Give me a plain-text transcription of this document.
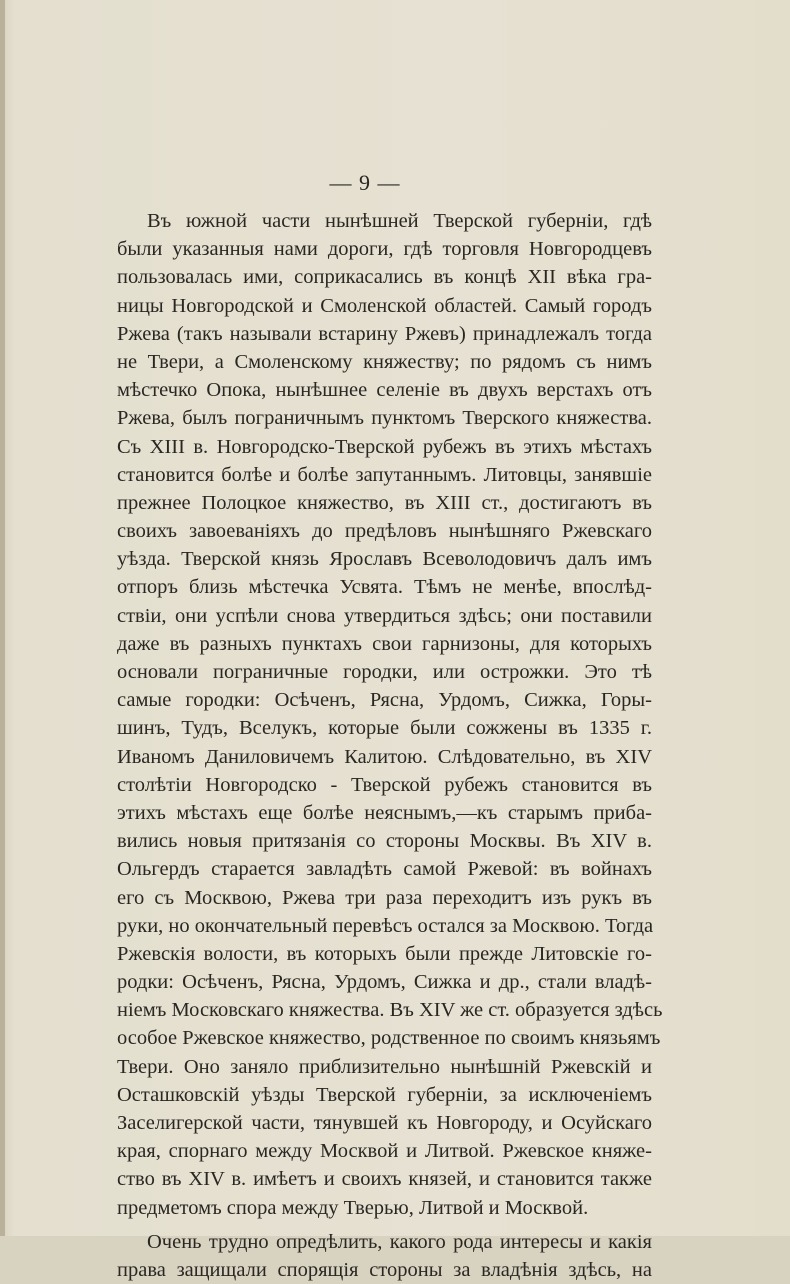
— 9 —
Въ южной части нынѣшней Тверской губерніи, гдѣ
были указанныя нами дороги, гдѣ торговля Новгородцевъ
пользовалась ими, соприкасались въ концѣ XII вѣка гра-
ницы Новгородской и Смоленской областей. Самый городъ
Ржева (такъ называли встарину Ржевъ) принадлежалъ тогда
не Твери, а Смоленскому княжеству; по рядомъ съ нимъ
мѣстечко Опока, нынѣшнее селеніе въ двухъ верстахъ отъ
Ржева, былъ пограничнымъ пунктомъ Тверского княжества.
Съ XIII в. Новгородско-Тверской рубежъ въ этихъ мѣстахъ
становится болѣе и болѣе запутаннымъ. Литовцы, занявшіе
прежнее Полоцкое княжество, въ XIII ст., достигаютъ въ
своихъ завоеваніяхъ до предѣловъ нынѣшняго Ржевскаго
уѣзда. Тверской князь Ярославъ Всеволодовичъ далъ имъ
отпоръ близь мѣстечка Усвята. Тѣмъ не менѣе, впослѣд-
ствіи, они успѣли снова утвердиться здѣсь; они поставили
даже въ разныхъ пунктахъ свои гарнизоны, для которыхъ
основали пограничные городки, или острожки. Это тѣ
самые городки: Осѣченъ, Рясна, Урдомъ, Сижка, Горы-
шинъ, Тудъ, Вселукъ, которые были сожжены въ 1335 г.
Иваномъ Даниловичемъ Калитою. Слѣдовательно, въ XIV
столѣтіи Новгородско - Тверской рубежъ становится въ
этихъ мѣстахъ еще болѣе неяснымъ,—къ старымъ приба-
вились новыя притязанія со стороны Москвы. Въ XIV в.
Ольгердъ старается завладѣть самой Ржевой: въ войнахъ
его съ Москвою, Ржева три раза переходитъ изъ рукъ въ
руки, но окончательный перевѣсъ остался за Москвою. Тогда
Ржевскія волости, въ которыхъ были прежде Литовскіе го-
родки: Осѣченъ, Рясна, Урдомъ, Сижка и др., стали владѣ-
ніемъ Московскаго княжества. Въ XIV же ст. образуется здѣсь
особое Ржевское княжество, родственное по своимъ князьямъ
Твери. Оно заняло приблизительно нынѣшній Ржевскій и
Осташковскій уѣзды Тверской губерніи, за исключеніемъ
Заселигерской части, тянувшей къ Новгороду, и Осуйскаго
края, спорнаго между Москвой и Литвой. Ржевское княже-
ство въ XIV в. имѣетъ и своихъ князей, и становится также
предметомъ спора между Тверью, Литвой и Москвой.
Очень трудно опредѣлить, какого рода интересы и какія
права защищали спорящія стороны за владѣнія здѣсь, на
